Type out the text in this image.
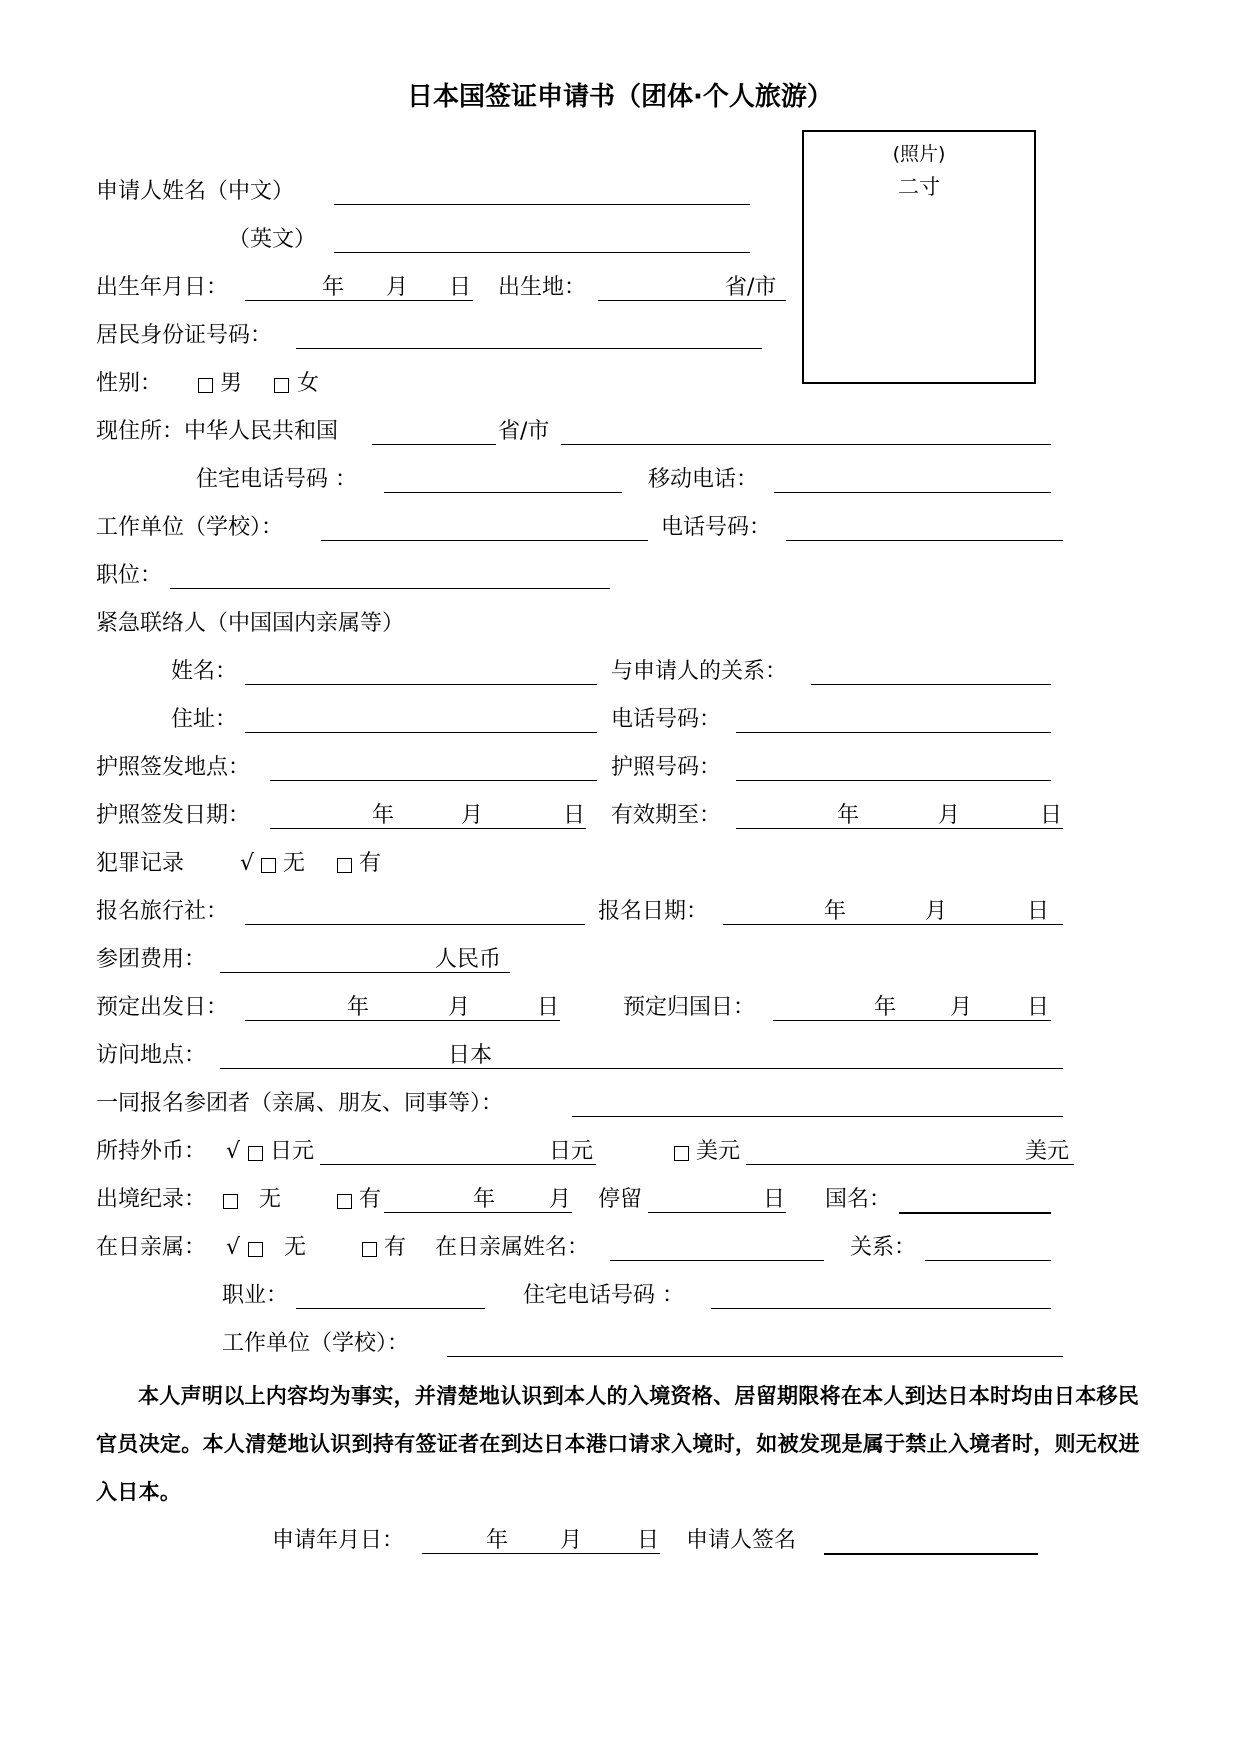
日本国签证申请书（团体·个人旅游）
(照片)
二寸
申请人姓名（中文）
（英文）
出生年月日：	年 月 日 出生地：	省/市
居民身份证号码：
性别：	男 女
现住所：中华人民共和国	省/市
住宅电话号码 ：	移动电话：
工作单位（学校）：	电话号码：
职位：
紧急联络人（中国国内亲属等）
姓名：	与申请人的关系：
住址：	电话号码：
护照签发地点：	护照号码：
护照签发日期：	年	月	日 有效期至：	年	月	日
犯罪记录	√ 无 有
报名旅行社：	报名日期：	年	月	日
参团费用：	人民币
预定出发日：	年	月	日	预定归国日：	年 月 日
访问地点：	日本
一同报名参团者（亲属、朋友、同事等）：
所持外币： √ 日元	日元	美元	美元
出境纪录： 无	有	年 月 停留	日 国名：
在日亲属： √ 无	有 在日亲属姓名：	关系：
职业：	住宅电话号码 ：
工作单位（学校）：
本人声明以上内容均为事实，并清楚地认识到本人的入境资格、居留期限将在本人到达日本时均由日本移民官员决定。本人清楚地认识到持有签证者在到达日本港口请求入境时，如被发现是属于禁止入境者时，则无权进入日本。
申请年月日：	年 月 日 申请人签名
